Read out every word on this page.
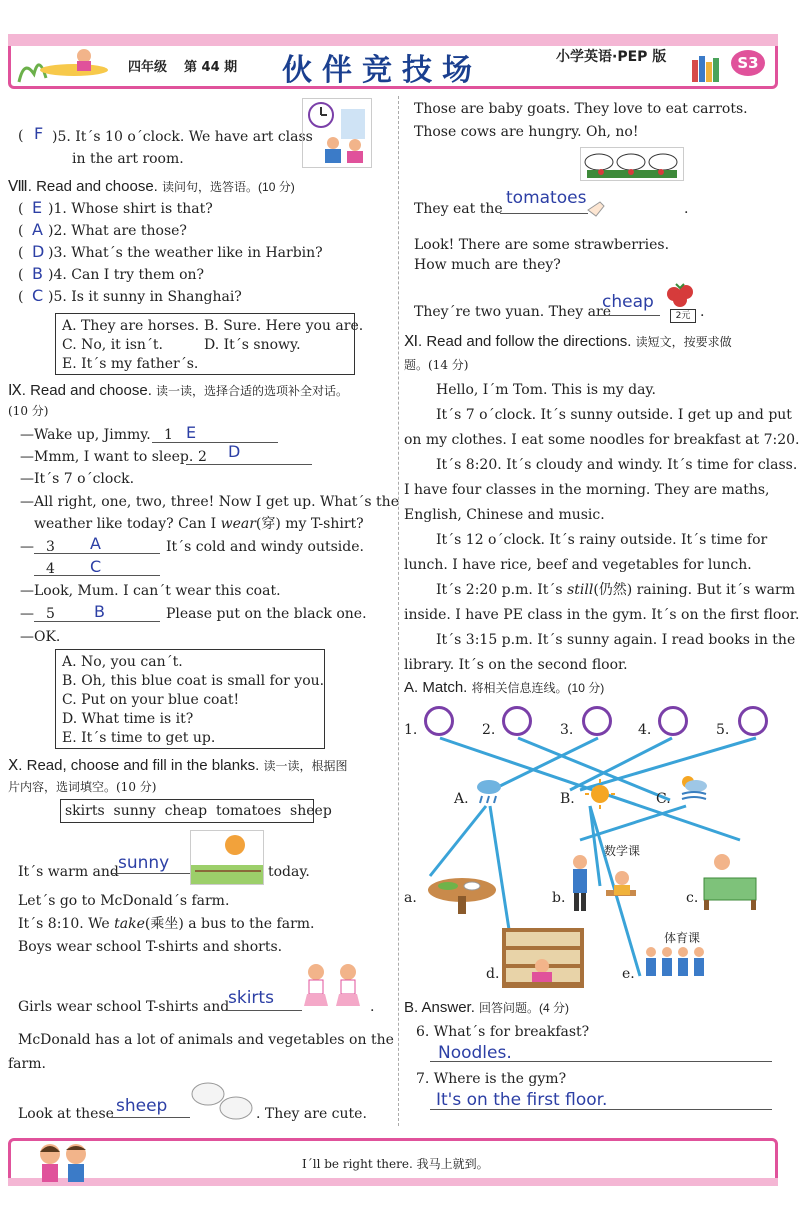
四年级 第 44 期 伙伴竞技场	小学英语·PEP 版	S3
( F )5. It´s 10 o´clock. We have art class
in the art room.
Ⅷ. Read and choose. 读问句，选答语。(10 分)
( E )1. Whose shirt is that?
( A )2. What are those?
( D )3. What´s the weather like in Harbin?
( B )4. Can I try them on?
( C )5. Is it sunny in Shanghai?
A. They are horses. B. Sure. Here you are.
C. No, it isn´t.	D. It´s snowy.
E. It´s my father´s.
Ⅸ. Read and choose. 读一读，选择合适的选项补全对话。
(10 分)
—Wake up, Jimmy. 1 E
—Mmm, I want to sleep. 2 D
—It´s 7 o´clock.
—All right, one, two, three! Now I get up. What´s the
weather like today? Can I wear(穿) my T-shirt?
— 3 A	It´s cold and windy outside.
4 C
—Look, Mum. I can´t wear this coat.
— 5 B	Please put on the black one.
—OK.
A. No, you can´t.
B. Oh, this blue coat is small for you.
C. Put on your blue coat!
D. What time is it?
E. It´s time to get up.
Ⅹ. Read, choose and fill in the blanks. 读一读，根据图
片内容，选词填空。(10 分)
skirts  sunny  cheap  tomatoes  sheep
It´s warm and sunny	today.
Let´s go to McDonald´s farm.
It´s 8:10. We take(乘坐) a bus to the farm.
Boys wear school T-shirts and shorts.
Girls wear school T-shirts and
skirts	.
McDonald has a lot of animals and vegetables on the
farm.
Look at these sheep	. They are cute.
Those are baby goats. They love to eat carrots.
Those cows are hungry. Oh, no!
They eat the
tomatoes
.
Look! There are some strawberries.
How much are they?
They´re two yuan. They are
cheap
2元 .
Ⅺ. Read and follow the directions. 读短文，按要求做
题。(14 分)
Hello, I´m Tom. This is my day.
It´s 7 o´clock. It´s sunny outside. I get up and put
on my clothes. I eat some noodles for breakfast at 7:20.
It´s 8:20. It´s cloudy and windy. It´s time for class.
I have four classes in the morning. They are maths,
English, Chinese and music.
It´s 12 o´clock. It´s rainy outside. It´s time for
lunch. I have rice, beef and vegetables for lunch.
It´s 2:20 p.m. It´s still(仍然) raining. But it´s warm
inside. I have PE class in the gym. It´s on the first floor.
It´s 3:15 p.m. It´s sunny again. I read books in the
library. It´s on the second floor.
A. Match. 将相关信息连线。(10 分)
1.	2.	3.	4.	5.
A.	B.	C.
a.	b.
数学课
c.
d.	e.
体育课
B. Answer. 回答问题。(4 分)
6. What´s for breakfast?
Noodles.
7. Where is the gym?
It's on the first floor.
I´ll be right there. 我马上就到。
